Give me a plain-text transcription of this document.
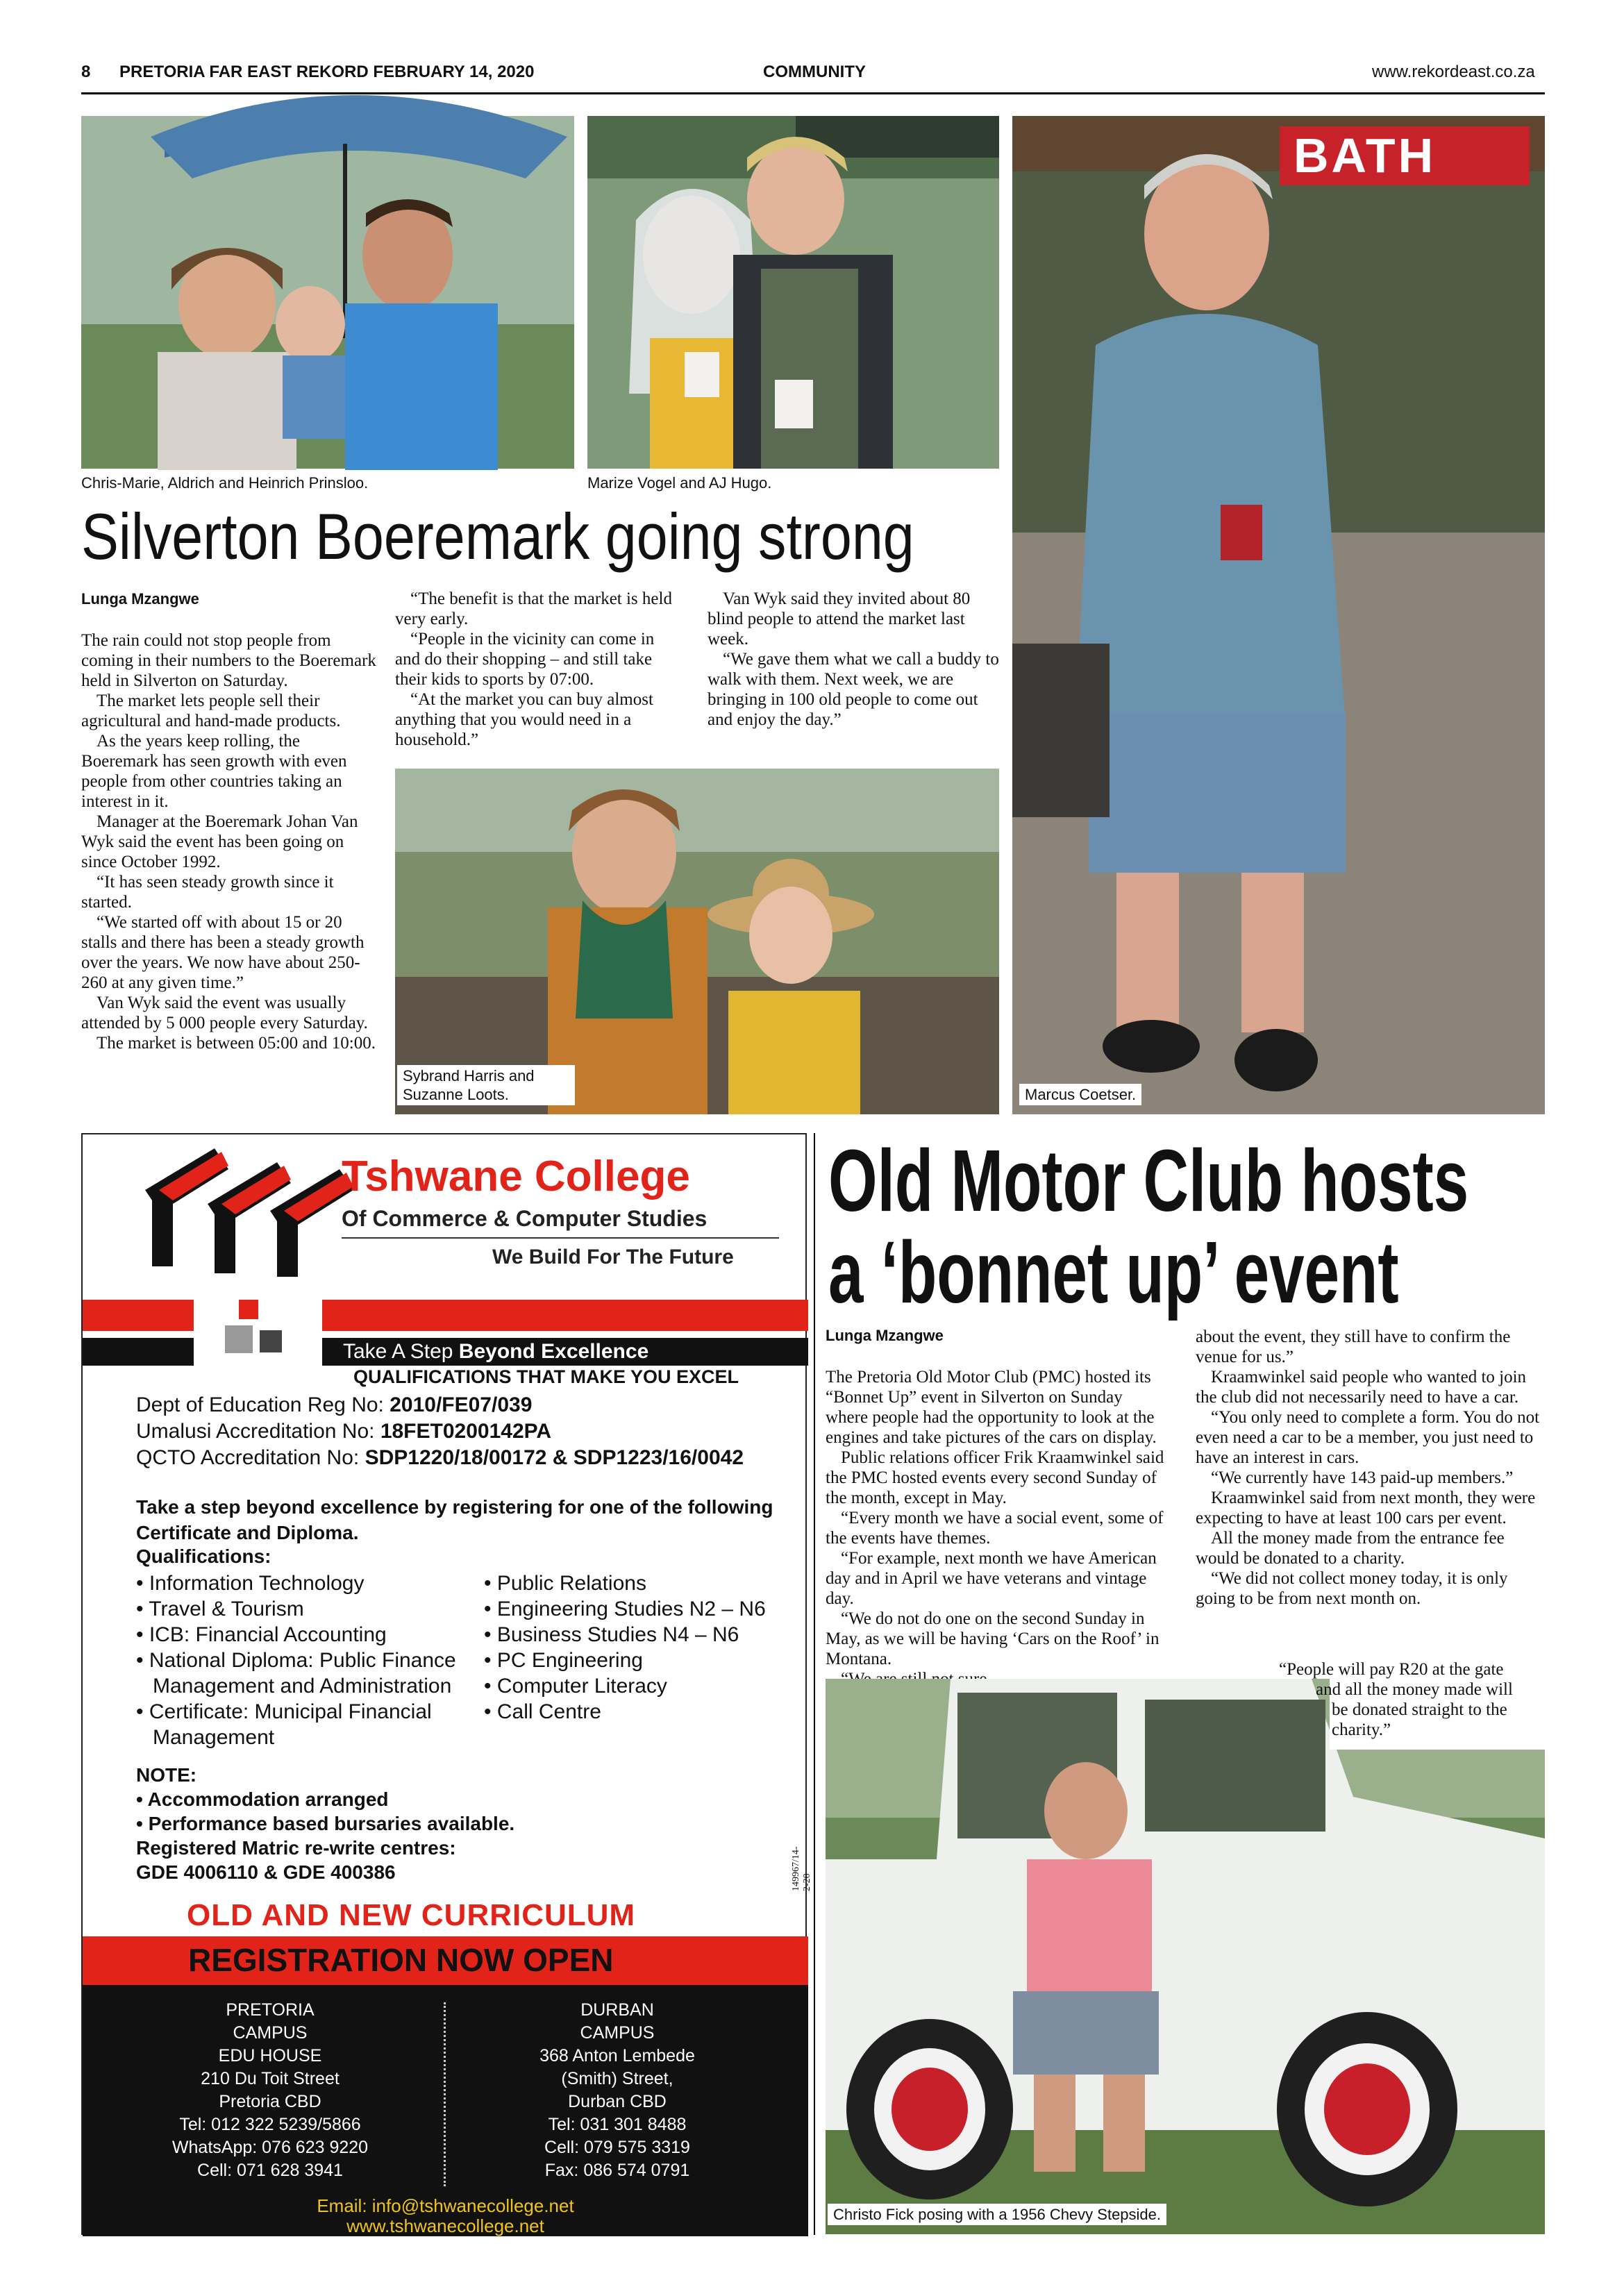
8 PRETORIA FAR EAST REKORD FEBRUARY 14, 2020	COMMUNITY	www.rekordeast.co.za
BATH
Chris-Marie, Aldrich and Heinrich Prinsloo.	Marize Vogel and AJ Hugo.
Silverton Boeremark going strong
Lunga Mzangwe

The rain could not stop people from coming in their numbers to the Boeremark held in Silverton on Saturday.

The market lets people sell their agricultural and hand-made products.

As the years keep rolling, the Boeremark has seen growth with even people from other countries taking an interest in it.

Manager at the Boeremark Johan Van Wyk said the event has been going on since October 1992.

“It has seen steady growth since it started.

“We started off with about 15 or 20 stalls and there has been a steady growth over the years. We now have about 250-260 at any given time.”

Van Wyk said the event was usually attended by 5 000 people every Saturday.

The market is between 05:00 and 10:00.

“The benefit is that the market is held very early.

“People in the vicinity can come in and do their shopping – and still take their kids to sports by 07:00.

“At the market you can buy almost anything that you would need in a household.”

Van Wyk said they invited about 80 blind people to attend the market last week.

“We gave them what we call a buddy to walk with them. Next week, we are bringing in 100 old people to come out and enjoy the day.”

Sybrand Harris and Suzanne Loots.	Marcus Coetser.
Tshwane College
Of Commerce & Computer Studies
We Build For The Future
Take A Step Beyond Excellence
QUALIFICATIONS THAT MAKE YOU EXCEL
Dept of Education Reg No: 2010/FE07/039
Umalusi Accreditation No: 18FET0200142PA
QCTO Accreditation No: SDP1220/18/00172 & SDP1223/16/0042
Take a step beyond excellence by registering for one of the following Certificate and Diploma.
Qualifications:
• Information Technology
• Travel & Tourism
• ICB: Financial Accounting
• National Diploma: Public Finance
Management and Administration
• Certificate: Municipal Financial
Management
• Public Relations
• Engineering Studies N2 – N6
• Business Studies N4 – N6
• PC Engineering
• Computer Literacy
• Call Centre
NOTE:
• Accommodation arranged
• Performance based bursaries available.
Registered Matric re-write centres:
GDE 4006110 & GDE 400386	149967/14-2-20
OLD AND NEW CURRICULUM
REGISTRATION NOW OPEN
PRETORIA
CAMPUS
EDU HOUSE
210 Du Toit Street
Pretoria CBD
Tel: 012 322 5239/5866
WhatsApp: 076 623 9220
Cell: 071 628 3941
DURBAN
CAMPUS
368 Anton Lembede
(Smith) Street,
Durban CBD
Tel: 031 301 8488
Cell: 079 575 3319
Fax: 086 574 0791
Email: info@tshwanecollege.net
www.tshwanecollege.net
Old Motor Club hosts
a ‘bonnet up’ event
Lunga Mzangwe

The Pretoria Old Motor Club (PMC) hosted its “Bonnet Up” event in Silverton on Sunday where people had the opportunity to look at the engines and take pictures of the cars on display.

Public relations officer Frik Kraamwinkel said the PMC hosted events every second Sunday of the month, except in May.

“Every month we have a social event, some of the events have themes.

“For example, next month we have American day and in April we have veterans and vintage day.

“We do not do one on the second Sunday in May, as we will be having ‘Cars on the Roof’ in Montana.

about the event, they still have to confirm the venue for us.”

Kraamwinkel said people who wanted to join the club did not necessarily need to have a car.

“You only need to complete a form. You do not even need a car to be a member, you just need to have an interest in cars.

“We currently have 143 paid-up members.”

Kraamwinkel said from next month, they were expecting to have at least 100 cars per event.

All the money made from the entrance fee would be donated to a charity.

“We did not collect money today, it is only going to be from next month on.

“People will pay R20 at the gate
and all the money made will
be donated straight to the
charity.”
Christo Fick posing with a 1956 Chevy Stepside.
